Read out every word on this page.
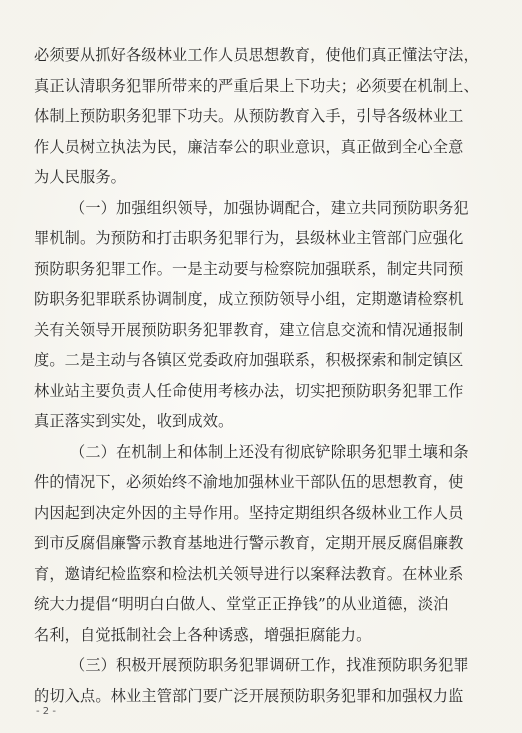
必须要从抓好各级林业工作人员思想教育，使他们真正懂法守法，
真正认清职务犯罪所带来的严重后果上下功夫；必须要在机制上、
体制上预防职务犯罪下功夫。从预防教育入手，引导各级林业工
作人员树立执法为民，廉洁奉公的职业意识，真正做到全心全意
为人民服务。
（一）加强组织领导，加强协调配合，建立共同预防职务犯
罪机制。为预防和打击职务犯罪行为，县级林业主管部门应强化
预防职务犯罪工作。一是主动要与检察院加强联系，制定共同预
防职务犯罪联系协调制度，成立预防领导小组，定期邀请检察机
关有关领导开展预防职务犯罪教育，建立信息交流和情况通报制
度。二是主动与各镇区党委政府加强联系，积极探索和制定镇区
林业站主要负责人任命使用考核办法，切实把预防职务犯罪工作
真正落实到实处，收到成效。
（二）在机制上和体制上还没有彻底铲除职务犯罪土壤和条
件的情况下，必须始终不渝地加强林业干部队伍的思想教育，使
内因起到决定外因的主导作用。坚持定期组织各级林业工作人员
到市反腐倡廉警示教育基地进行警示教育，定期开展反腐倡廉教
育，邀请纪检监察和检法机关领导进行以案释法教育。在林业系
统大力提倡“明明白白做人、堂堂正正挣钱”的从业道德，淡泊
名利，自觉抵制社会上各种诱惑，增强拒腐能力。
（三）积极开展预防职务犯罪调研工作，找准预防职务犯罪
的切入点。林业主管部门要广泛开展预防职务犯罪和加强权力监
- 2 -
